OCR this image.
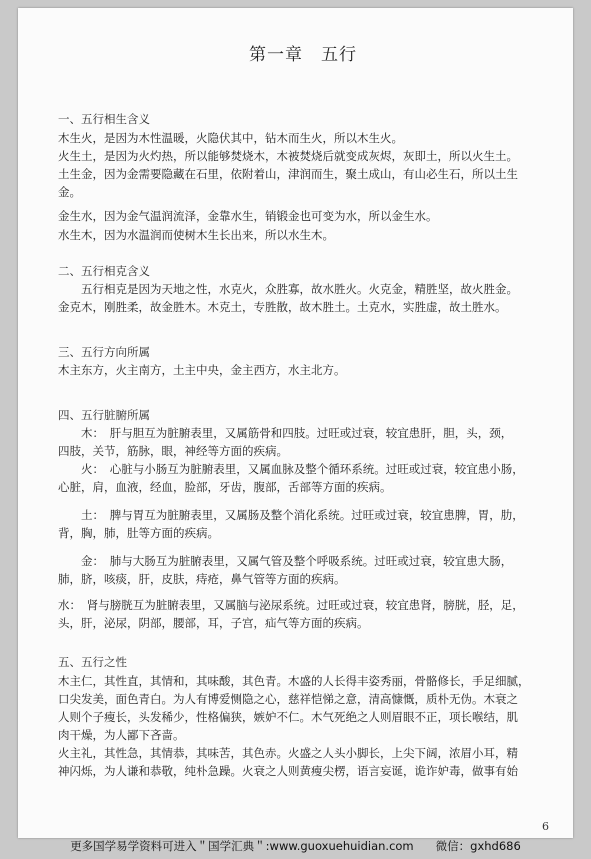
第一章　五行
一、五行相生含义
木生火，是因为木性温暖，火隐伏其中，钻木而生火，所以木生火。
火生土，是因为火灼热，所以能够焚烧木，木被焚烧后就变成灰烬，灰即土，所以火生土。
土生金，因为金需要隐藏在石里，依附着山，津润而生，聚土成山，有山必生石，所以土生
金。
金生水，因为金气温润流泽，金靠水生，销锻金也可变为水，所以金生水。
水生木，因为水温润而使树木生长出来，所以水生木。
二、五行相克含义
　　五行相克是因为天地之性，水克火，众胜寡，故水胜火。火克金，精胜坚，故火胜金。
金克木，刚胜柔，故金胜木。木克土，专胜散，故木胜土。土克水，实胜虚，故土胜水。
三、五行方向所属
木主东方，火主南方，土主中央，金主西方，水主北方。
四、五行脏腑所属
　　木：　肝与胆互为脏腑表里，又属筋骨和四肢。过旺或过衰，较宜患肝，胆，头，颈，
四肢，关节，筋脉，眼，神经等方面的疾病。
　　火：　心脏与小肠互为脏腑表里，又属血脉及整个循环系统。过旺或过衰，较宜患小肠，
心脏，肩，血液，经血，脸部，牙齿，腹部，舌部等方面的疾病。
　　土：　脾与胃互为脏腑表里，又属肠及整个消化系统。过旺或过衰，较宜患脾，胃，肋，
背，胸，肺，肚等方面的疾病。
　　金：　肺与大肠互为脏腑表里，又属气管及整个呼吸系统。过旺或过衰，较宜患大肠，
肺，脐，咳痰，肝，皮肤，痔疮，鼻气管等方面的疾病。
水：　肾与膀胱互为脏腑表里，又属脑与泌尿系统。过旺或过衰，较宜患肾，膀胱，胫，足，
头，肝，泌尿，阴部，腰部，耳，子宫，疝气等方面的疾病。
五、五行之性
木主仁，其性直，其情和，其味酸，其色青。木盛的人长得丰姿秀丽，骨骼修长，手足细腻，
口尖发美，面色青白。为人有博爱恻隐之心，慈祥恺悌之意，清高慷慨，质朴无伪。木衰之
人则个子瘦长，头发稀少，性格偏狭，嫉妒不仁。木气死绝之人则眉眼不正，项长喉结，肌
肉干燥，为人鄙下吝啬。
火主礼，其性急，其情恭，其味苦，其色赤。火盛之人头小脚长，上尖下阔，浓眉小耳，精
神闪烁，为人谦和恭敬，纯朴急躁。火衰之人则黄瘦尖楞，语言妄诞，诡诈妒毒，做事有始
6
更多国学易学资料可进入＂国学汇典＂:www.guoxuehuidian.com 微信：gxhd686
